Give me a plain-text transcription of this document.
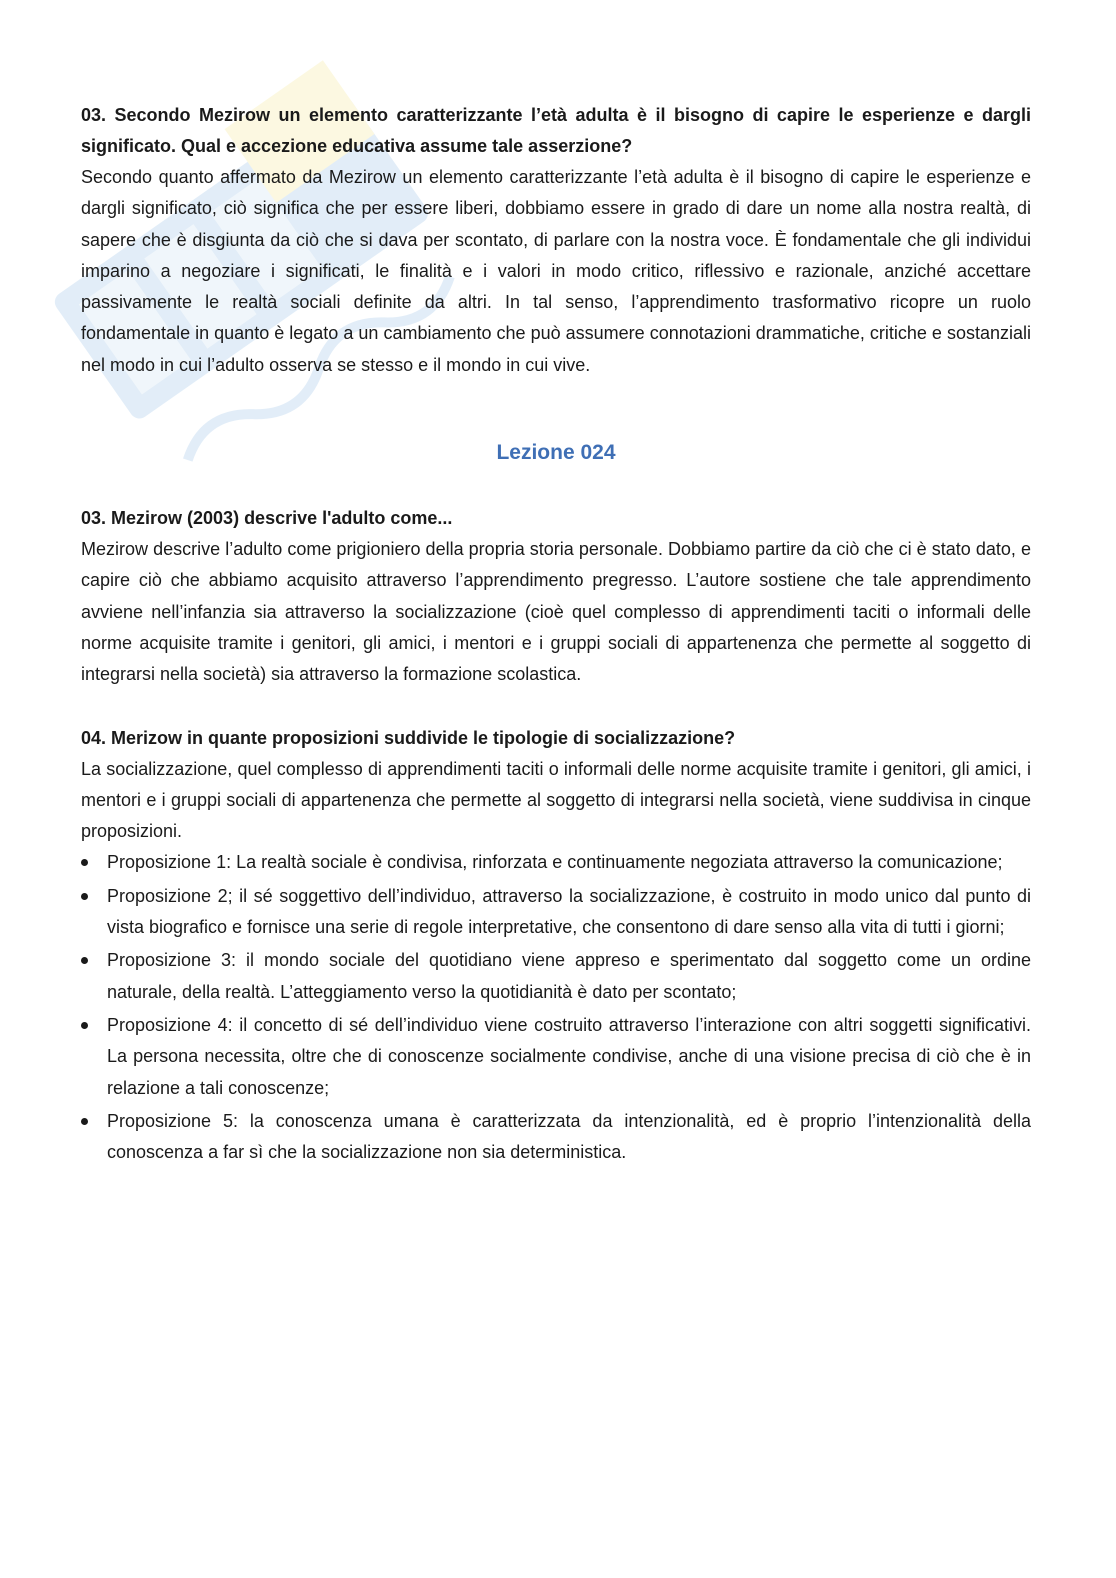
03. Secondo Mezirow un elemento caratterizzante l’età adulta è il bisogno di capire le esperienze e dargli significato. Qual e accezione educativa assume tale asserzione?

Secondo quanto affermato da Mezirow un elemento caratterizzante l’età adulta è il bisogno di capire le esperienze e dargli significato, ciò significa che per essere liberi, dobbiamo essere in grado di dare un nome alla nostra realtà, di sapere che è disgiunta da ciò che si dava per scontato, di parlare con la nostra voce. È fondamentale che gli individui imparino a negoziare i significati, le finalità e i valori in modo critico, riflessivo e razionale, anziché accettare passivamente le realtà sociali definite da altri. In tal senso, l’apprendimento trasformativo ricopre un ruolo fondamentale in quanto è legato a un cambiamento che può assumere connotazioni drammatiche, critiche e sostanziali nel modo in cui l’adulto osserva se stesso e il mondo in cui vive.

Lezione 024

03. Mezirow (2003) descrive l'adulto come...

Mezirow descrive l’adulto come prigioniero della propria storia personale. Dobbiamo partire da ciò che ci è stato dato, e capire ciò che abbiamo acquisito attraverso l’apprendimento pregresso. L’autore sostiene che tale apprendimento avviene nell’infanzia sia attraverso la socializzazione (cioè quel complesso di apprendimenti taciti o informali delle norme acquisite tramite i genitori, gli amici, i mentori e i gruppi sociali di appartenenza che permette al soggetto di integrarsi nella società) sia attraverso la formazione scolastica.

04. Merizow in quante proposizioni suddivide le tipologie di socializzazione?

La socializzazione, quel complesso di apprendimenti taciti o informali delle norme acquisite tramite i genitori, gli amici, i mentori e i gruppi sociali di appartenenza che permette al soggetto di integrarsi nella società, viene suddivisa in cinque proposizioni.

Proposizione 1: La realtà sociale è condivisa, rinforzata e continuamente negoziata attraverso la comunicazione;
Proposizione 2; il sé soggettivo dell’individuo, attraverso la socializzazione, è costruito in modo unico dal punto di vista biografico e fornisce una serie di regole interpretative, che consentono di dare senso alla vita di tutti i giorni;
Proposizione 3: il mondo sociale del quotidiano viene appreso e sperimentato dal soggetto come un ordine naturale, della realtà. L’atteggiamento verso la quotidianità è dato per scontato;
Proposizione 4: il concetto di sé dell’individuo viene costruito attraverso l’interazione con altri soggetti significativi. La persona necessita, oltre che di conoscenze socialmente condivise, anche di una visione precisa di ciò che è in relazione a tali conoscenze;
Proposizione 5: la conoscenza umana è caratterizzata da intenzionalità, ed è proprio l’intenzionalità della conoscenza a far sì che la socializzazione non sia deterministica.
